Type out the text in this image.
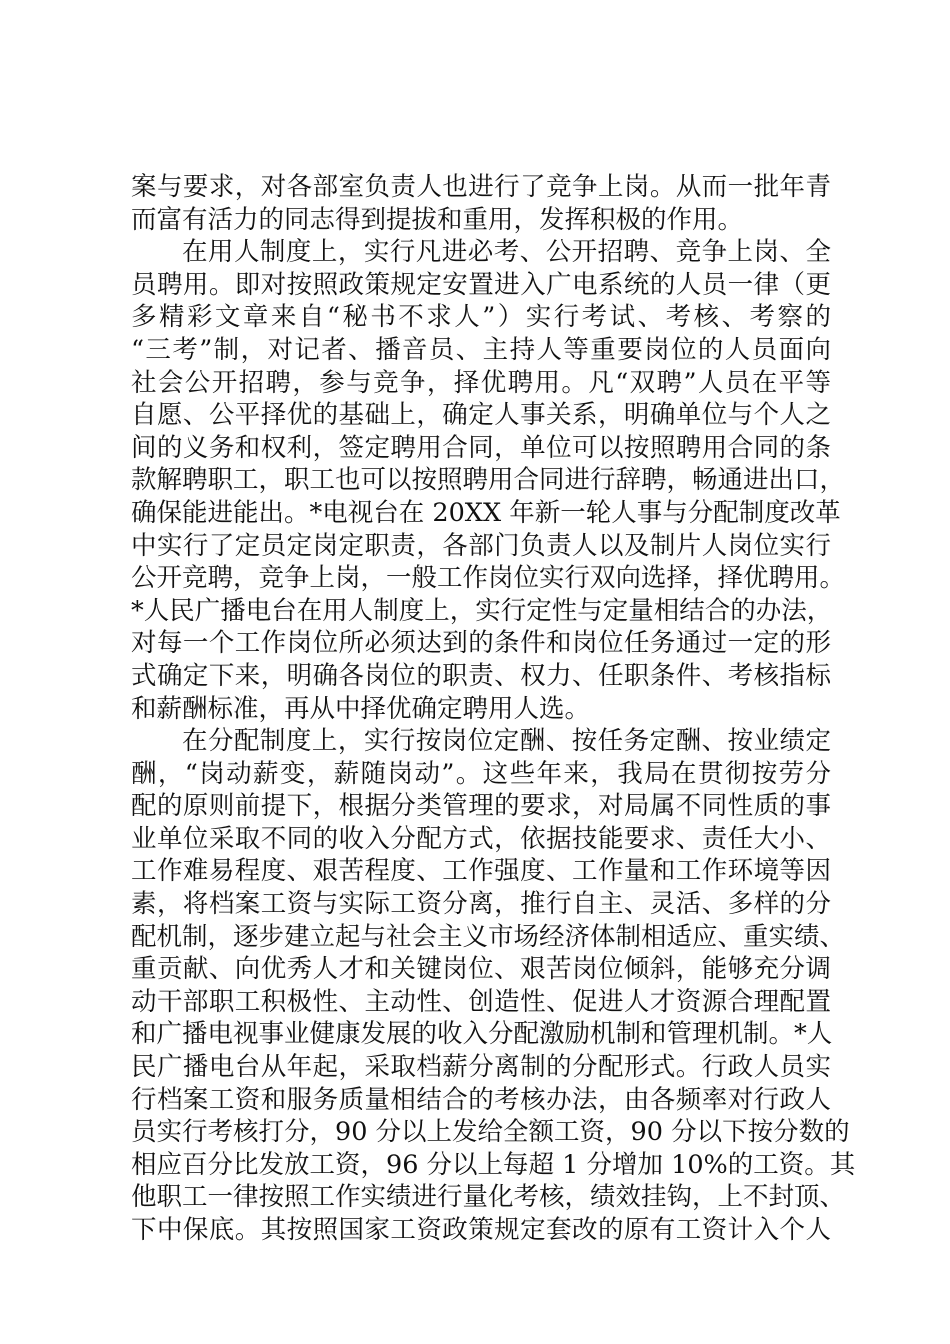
案与要求，对各部室负责人也进行了竞争上岗。从而一批年青
而富有活力的同志得到提拔和重用，发挥积极的作用。
在用人制度上，实行凡进必考、公开招聘、竞争上岗、全
员聘用。即对按照政策规定安置进入广电系统的人员一律（更
多精彩文章来自“秘书不求人”）实行考试、考核、考察的
“三考”制，对记者、播音员、主持人等重要岗位的人员面向
社会公开招聘，参与竞争，择优聘用。凡“双聘”人员在平等
自愿、公平择优的基础上，确定人事关系，明确单位与个人之
间的义务和权利，签定聘用合同，单位可以按照聘用合同的条
款解聘职工，职工也可以按照聘用合同进行辞聘，畅通进出口，
确保能进能出。*电视台在 20XX 年新一轮人事与分配制度改革
中实行了定员定岗定职责，各部门负责人以及制片人岗位实行
公开竞聘，竞争上岗，一般工作岗位实行双向选择，择优聘用。
*人民广播电台在用人制度上，实行定性与定量相结合的办法，
对每一个工作岗位所必须达到的条件和岗位任务通过一定的形
式确定下来，明确各岗位的职责、权力、任职条件、考核指标
和薪酬标准，再从中择优确定聘用人选。
在分配制度上，实行按岗位定酬、按任务定酬、按业绩定
酬，“岗动薪变，薪随岗动”。这些年来，我局在贯彻按劳分
配的原则前提下，根据分类管理的要求，对局属不同性质的事
业单位采取不同的收入分配方式，依据技能要求、责任大小、
工作难易程度、艰苦程度、工作强度、工作量和工作环境等因
素，将档案工资与实际工资分离，推行自主、灵活、多样的分
配机制，逐步建立起与社会主义市场经济体制相适应、重实绩、
重贡献、向优秀人才和关键岗位、艰苦岗位倾斜，能够充分调
动干部职工积极性、主动性、创造性、促进人才资源合理配置
和广播电视事业健康发展的收入分配激励机制和管理机制。*人
民广播电台从年起，采取档薪分离制的分配形式。行政人员实
行档案工资和服务质量相结合的考核办法，由各频率对行政人
员实行考核打分，90 分以上发给全额工资，90 分以下按分数的
相应百分比发放工资，96 分以上每超 1 分增加 10%的工资。其
他职工一律按照工作实绩进行量化考核，绩效挂钩，上不封顶、
下中保底。其按照国家工资政策规定套改的原有工资计入个人
